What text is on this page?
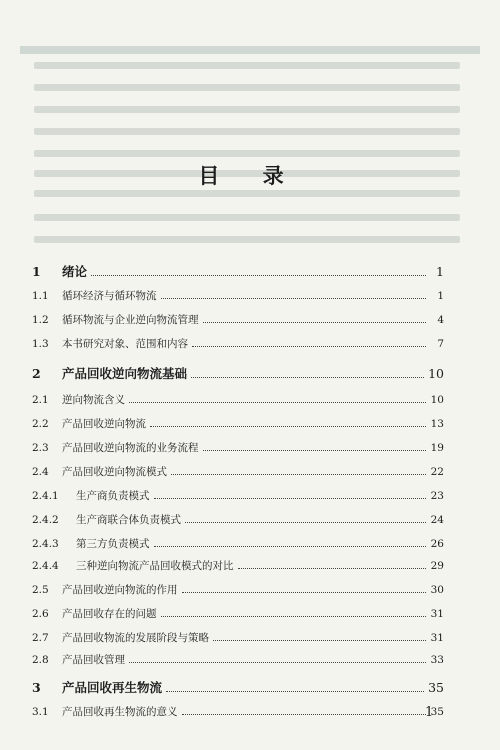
目 录
1	绪论	1
1.1	循环经济与循环物流	1
1.2	循环物流与企业逆向物流管理	4
1.3	本书研究对象、范围和内容	7
2	产品回收逆向物流基础	10
2.1	逆向物流含义	10
2.2	产品回收逆向物流	13
2.3	产品回收逆向物流的业务流程	19
2.4	产品回收逆向物流模式	22
2.4.1	生产商负责模式	23
2.4.2	生产商联合体负责模式	24
2.4.3	第三方负责模式	26
2.4.4	三种逆向物流产品回收模式的对比	29
2.5	产品回收逆向物流的作用	30
2.6	产品回收存在的问题	31
2.7	产品回收物流的发展阶段与策略	31
2.8	产品回收管理	33
3	产品回收再生物流	35
3.1	产品回收再生物流的意义	35
1
